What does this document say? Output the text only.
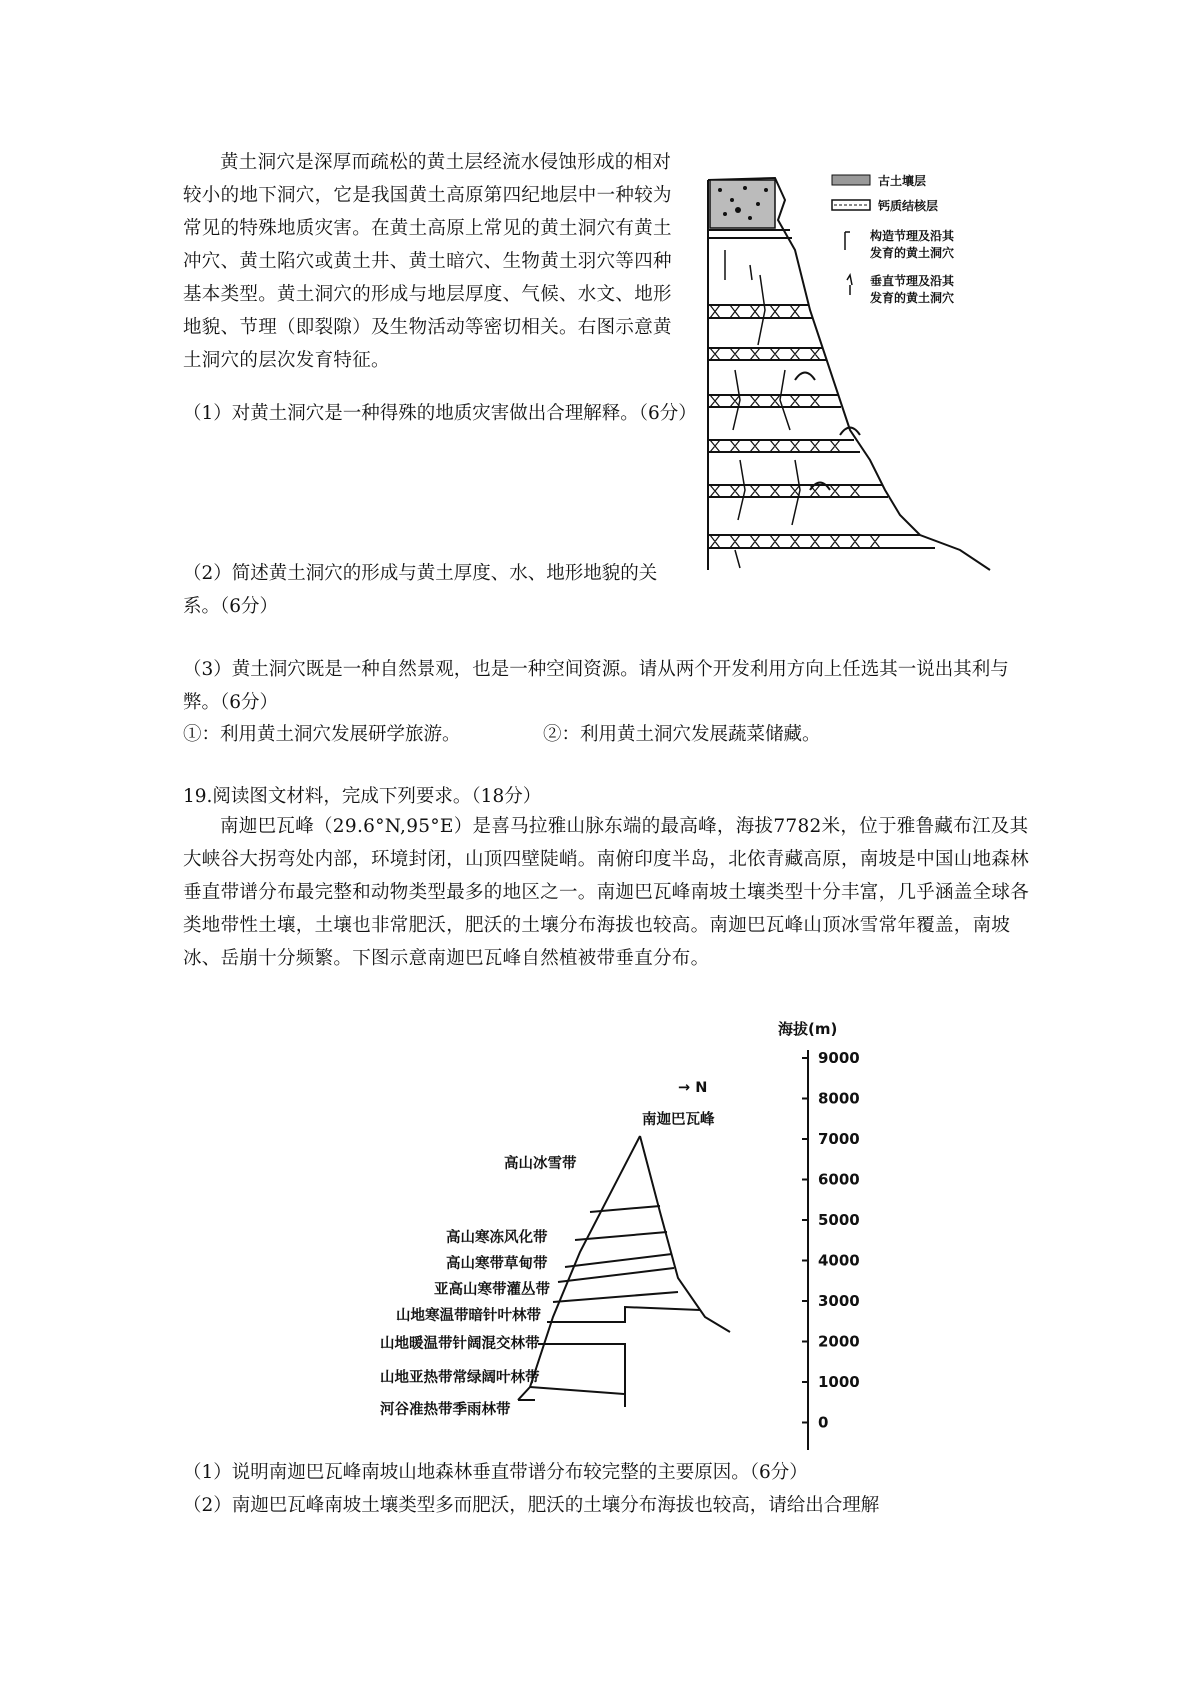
黄土洞穴是深厚而疏松的黄土层经流水侵蚀形成的相对较小的地下洞穴，它是我国黄土高原第四纪地层中一种较为常见的特殊地质灾害。在黄土高原上常见的黄土洞穴有黄土冲穴、黄土陷穴或黄土井、黄土暗穴、生物黄土羽穴等四种基本类型。黄土洞穴的形成与地层厚度、气候、水文、地形地貌、节理（即裂隙）及生物活动等密切相关。右图示意黄土洞穴的层次发育特征。
（1）对黄土洞穴是一种得殊的地质灾害做出合理解释。（6分）
（2）简述黄土洞穴的形成与黄土厚度、水、地形地貌的关系。（6分）
（3）黄土洞穴既是一种自然景观，也是一种空间资源。请从两个开发利用方向上任选其一说出其利与弊。（6分）
①：利用黄土洞穴发展研学旅游。	②：利用黄土洞穴发展蔬菜储藏。
古土壤层
钙质结核层
构造节理及沿其
发育的黄土洞穴
垂直节理及沿其
发育的黄土洞穴
19.阅读图文材料，完成下列要求。（18分）
南迦巴瓦峰（29.6°N,95°E）是喜马拉雅山脉东端的最高峰，海拔7782米，位于雅鲁藏布江及其大峡谷大拐弯处内部，环境封闭，山顶四壁陡峭。南俯印度半岛，北依青藏高原，南坡是中国山地森林垂直带谱分布最完整和动物类型最多的地区之一。南迦巴瓦峰南坡土壤类型十分丰富，几乎涵盖全球各类地带性土壤，土壤也非常肥沃，肥沃的土壤分布海拔也较高。南迦巴瓦峰山顶冰雪常年覆盖，南坡冰、岳崩十分频繁。下图示意南迦巴瓦峰自然植被带垂直分布。
海拔(m)
9000
8000
7000
6000
5000
4000
3000
2000
1000
0
→ N
南迦巴瓦峰
高山冰雪带
高山寒冻风化带
高山寒带草甸带
亚高山寒带灌丛带
山地寒温带暗针叶林带
山地暖温带针阔混交林带
山地亚热带常绿阔叶林带
河谷准热带季雨林带
（1）说明南迦巴瓦峰南坡山地森林垂直带谱分布较完整的主要原因。（6分）
（2）南迦巴瓦峰南坡土壤类型多而肥沃，肥沃的土壤分布海拔也较高，请给出合理解
